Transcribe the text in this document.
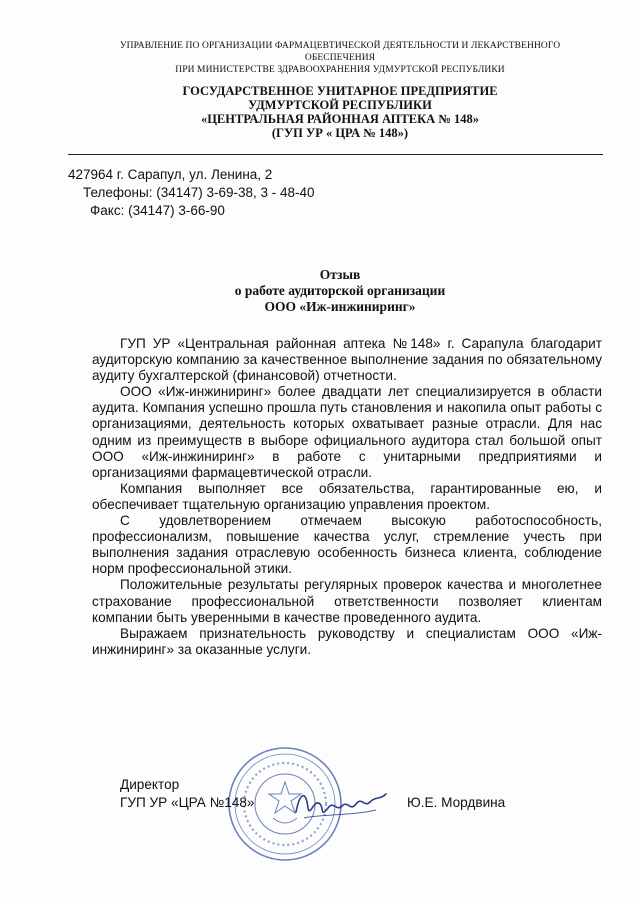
УПРАВЛЕНИЕ ПО ОРГАНИЗАЦИИ ФАРМАЦЕВТИЧЕСКОЙ ДЕЯТЕЛЬНОСТИ И ЛЕКАРСТВЕННОГО
ОБЕСПЕЧЕНИЯ
ПРИ МИНИСТЕРСТВЕ ЗДРАВООХРАНЕНИЯ УДМУРТСКОЙ РЕСПУБЛИКИ
ГОСУДАРСТВЕННОЕ УНИТАРНОЕ ПРЕДПРИЯТИЕ
УДМУРТСКОЙ РЕСПУБЛИКИ
«ЦЕНТРАЛЬНАЯ РАЙОННАЯ АПТЕКА № 148»
(ГУП УР « ЦРА № 148»)
427964 г. Сарапул, ул. Ленина, 2
Телефоны: (34147) 3-69-38, 3 - 48-40
Факс: (34147) 3-66-90
Отзыв
о работе аудиторской организации
ООО «Иж-инжиниринг»

ГУП УР «Центральная районная аптека №148» г. Сарапула благодарит аудиторскую компанию за качественное выполнение задания по обязательному аудиту бухгалтерской (финансовой) отчетности.

ООО «Иж-инжиниринг» более двадцати лет специализируется в области аудита. Компания успешно прошла путь становления и накопила опыт работы с организациями, деятельность которых охватывает разные отрасли. Для нас одним из преимуществ в выборе официального аудитора стал большой опыт ООО «Иж-инжиниринг» в работе с унитарными предприятиями и организациями фармацевтической отрасли.

Компания выполняет все обязательства, гарантированные ею, и обеспечивает тщательную организацию управления проектом.

С удовлетворением отмечаем высокую работоспособность, профессионализм, повышение качества услуг, стремление учесть при выполнения задания отраслевую особенность бизнеса клиента, соблюдение норм профессиональной этики.

Положительные результаты регулярных проверок качества и многолетнее страхование профессиональной ответственности позволяет клиентам компании быть уверенными в качестве проведенного аудита.

Выражаем признательность руководству и специалистам ООО «Иж-инжиниринг» за оказанные услуги.

Директор
ГУП УР «ЦРА №148»	Ю.Е. Мордвина
